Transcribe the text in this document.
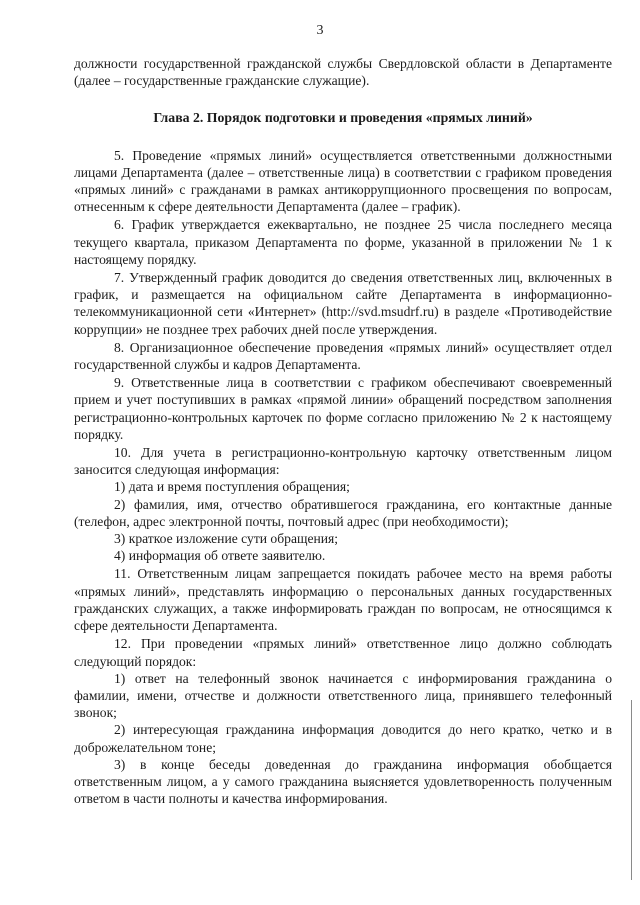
3

должности государственной гражданской службы Свердловской области в Департаменте (далее – государственные гражданские служащие).

Глава 2. Порядок подготовки и проведения «прямых линий»

5. Проведение «прямых линий» осуществляется ответственными должностными лицами Департамента (далее – ответственные лица) в соответствии с графиком проведения «прямых линий» с гражданами в рамках антикоррупционного просвещения по вопросам, отнесенным к сфере деятельности Департамента (далее – график).

6. График утверждается ежеквартально, не позднее 25 числа последнего месяца текущего квартала, приказом Департамента по форме, указанной в приложении № 1 к настоящему порядку.

7. Утвержденный график доводится до сведения ответственных лиц, включенных в график, и размещается на официальном сайте Департамента в информационно-телекоммуникационной сети «Интернет» (http://svd.msudrf.ru) в разделе «Противодействие коррупции» не позднее трех рабочих дней после утверждения.

8. Организационное обеспечение проведения «прямых линий» осуществляет отдел государственной службы и кадров Департамента.

9. Ответственные лица в соответствии с графиком обеспечивают своевременный прием и учет поступивших в рамках «прямой линии» обращений посредством заполнения регистрационно-контрольных карточек по форме согласно приложению № 2 к настоящему порядку.

10. Для учета в регистрационно-контрольную карточку ответственным лицом заносится следующая информация:

1) дата и время поступления обращения;

2) фамилия, имя, отчество обратившегося гражданина, его контактные данные (телефон, адрес электронной почты, почтовый адрес (при необходимости);

3) краткое изложение сути обращения;

4) информация об ответе заявителю.

11. Ответственным лицам запрещается покидать рабочее место на время работы «прямых линий», представлять информацию о персональных данных государственных гражданских служащих, а также информировать граждан по вопросам, не относящимся к сфере деятельности Департамента.

12. При проведении «прямых линий» ответственное лицо должно соблюдать следующий порядок:

1) ответ на телефонный звонок начинается с информирования гражданина о фамилии, имени, отчестве и должности ответственного лица, принявшего телефонный звонок;

2) интересующая гражданина информация доводится до него кратко, четко и в доброжелательном тоне;

3) в конце беседы доведенная до гражданина информация обобщается ответственным лицом, а у самого гражданина выясняется удовлетворенность полученным ответом в части полноты и качества информирования.
